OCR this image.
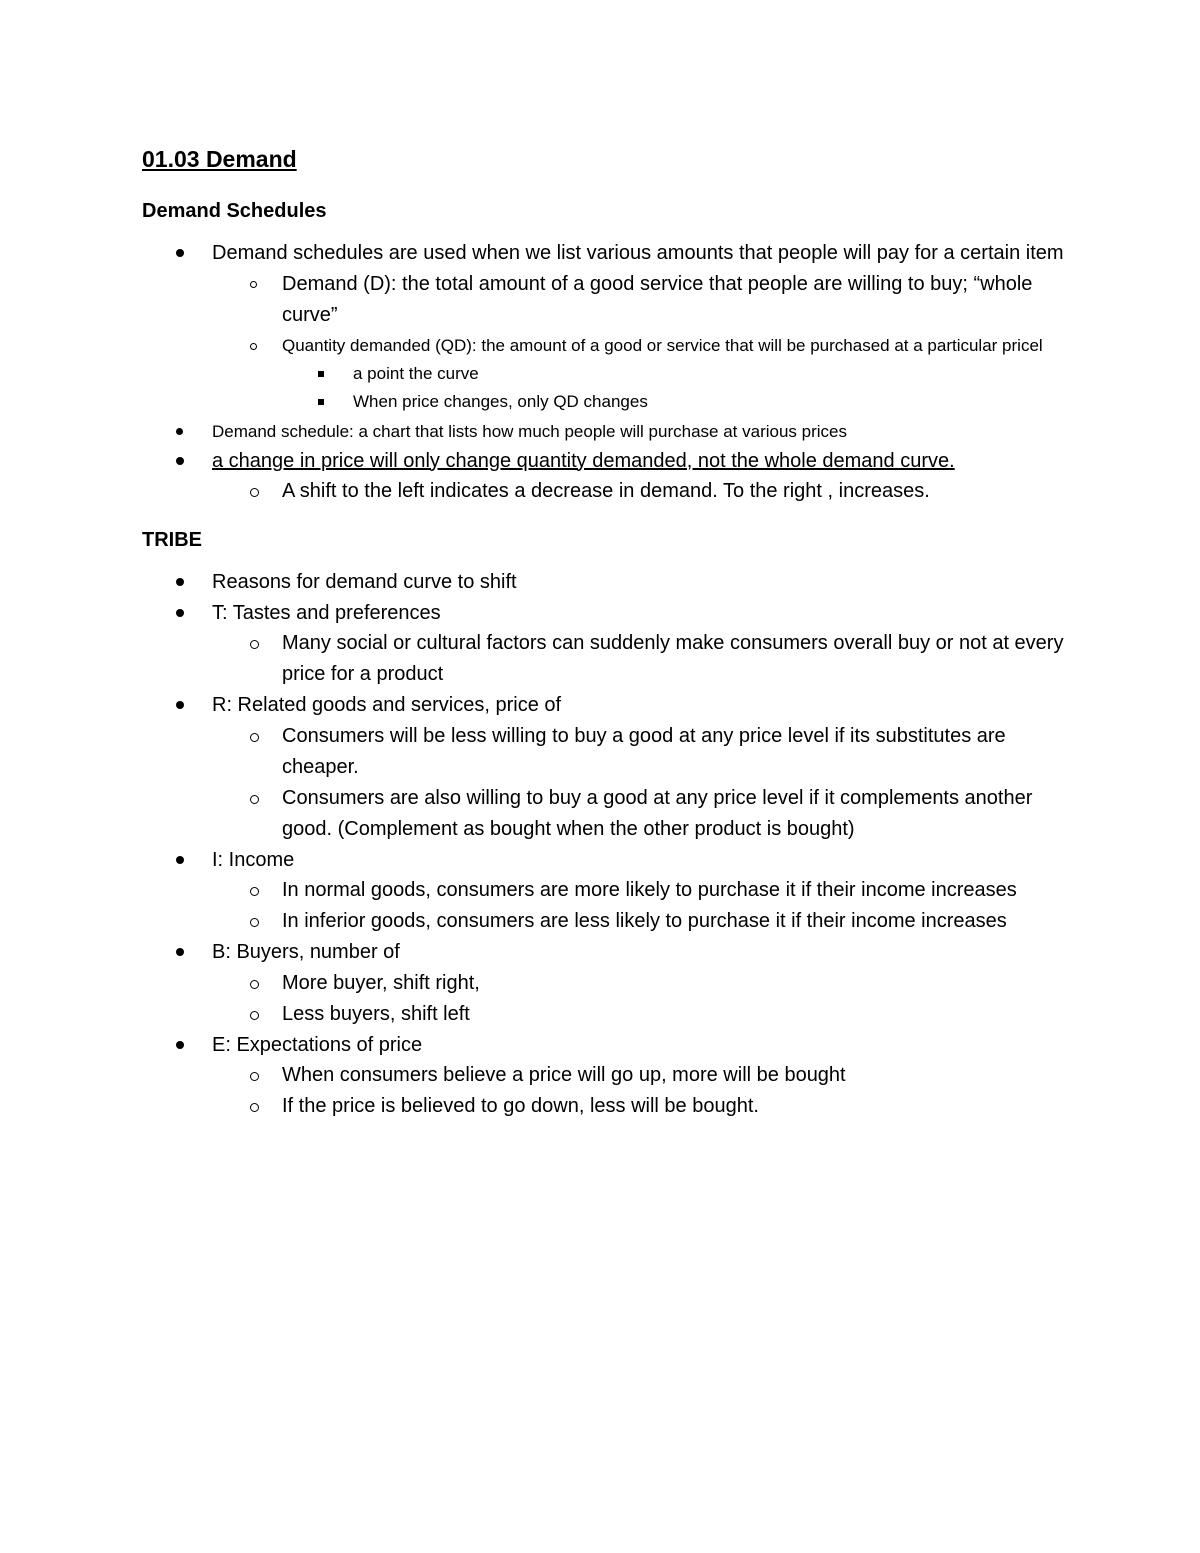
01.03 Demand
Demand Schedules
Demand schedules are used when we list various amounts that people will pay for a certain item
Demand (D): the total amount of a good service that people are willing to buy; “whole curve”
Quantity demanded (QD): the amount of a good or service that will be purchased at a particular pricel
a point the curve
When price changes, only QD changes
Demand schedule: a chart that lists how much people will purchase at various prices
a change in price will only change quantity demanded, not the whole demand curve.
A shift to the left indicates a decrease in demand. To the right , increases.
TRIBE
Reasons for demand curve to shift
T: Tastes and preferences
Many social or cultural factors can suddenly make consumers overall buy or not at every price for a product
R: Related goods and services, price of
Consumers will be less willing to buy a good at any price level if its substitutes are cheaper.
Consumers are also willing to buy a good at any price level if it complements another good. (Complement as bought when the other product is bought)
I: Income
In normal goods, consumers are more likely to purchase it if their income increases
In inferior goods, consumers are less likely to purchase it if their income increases
B: Buyers, number of
More buyer, shift right,
Less buyers, shift left
E: Expectations of price
When consumers believe a price will go up, more will be bought
If the price is believed to go down, less will be bought.
